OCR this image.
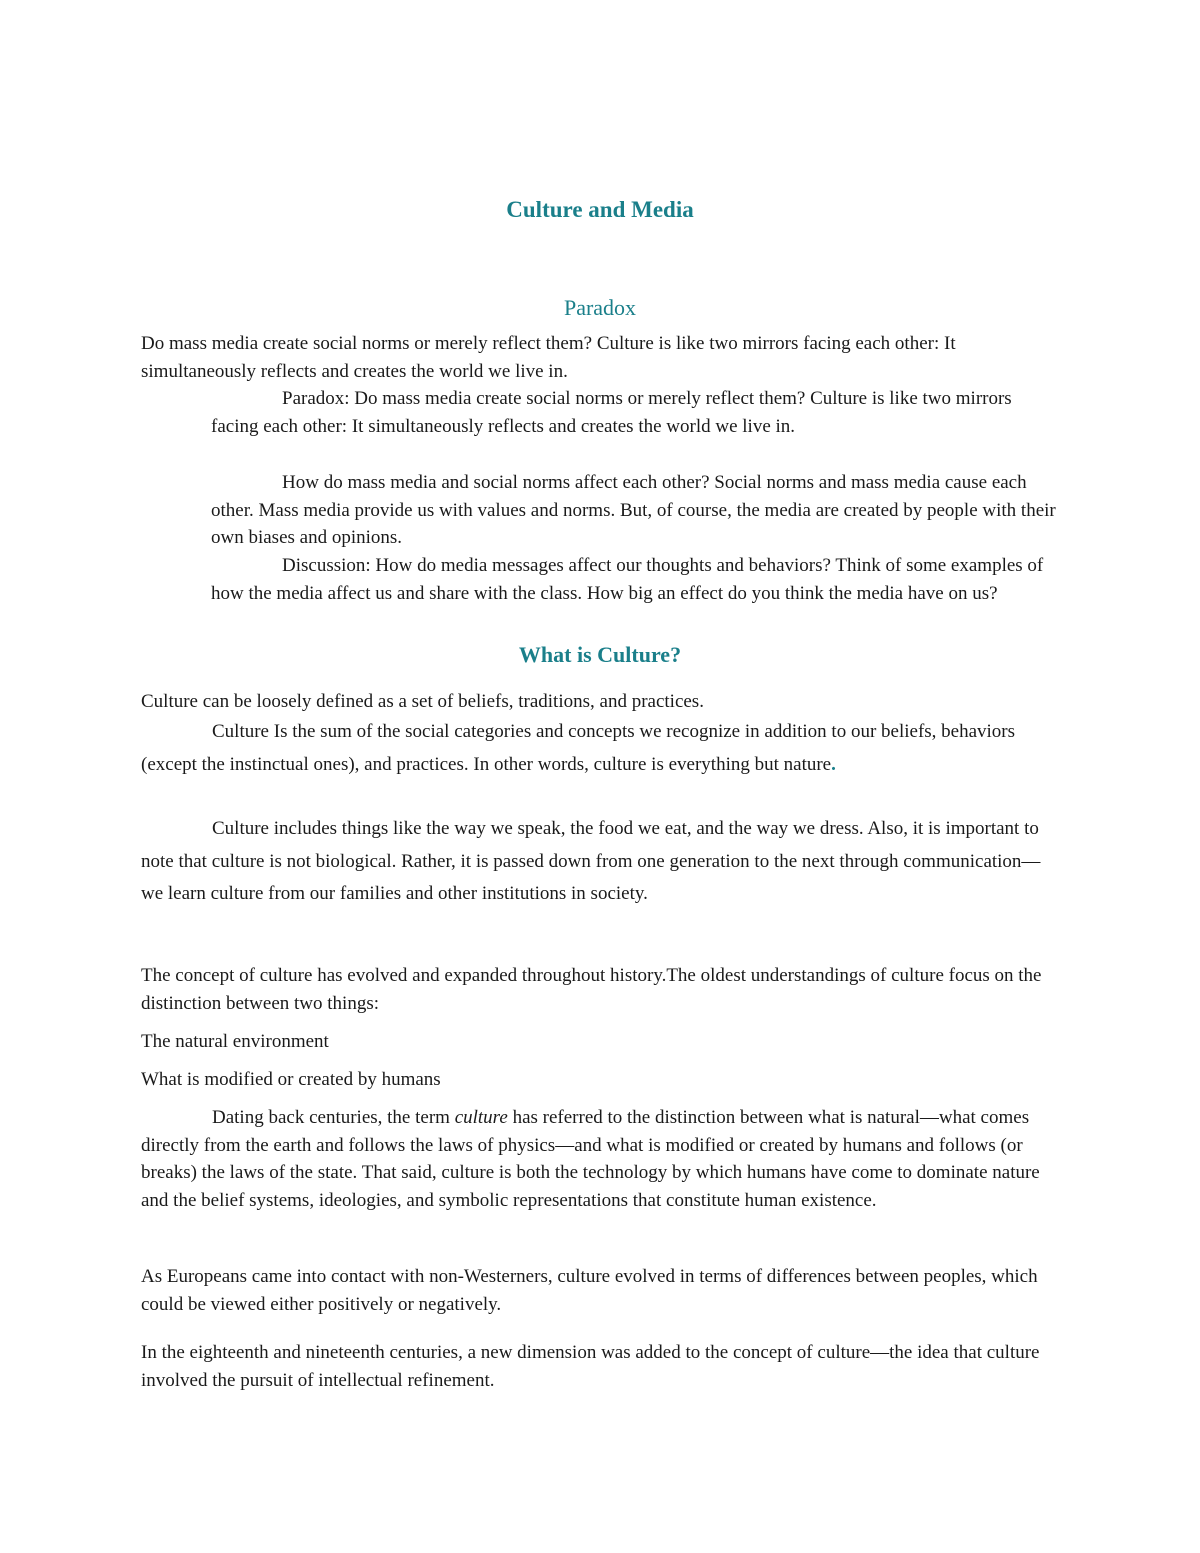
Culture and Media
Paradox

Do mass media create social norms or merely reflect them? Culture is like two mirrors facing each other: It simultaneously reflects and creates the world we live in.

Paradox: Do mass media create social norms or merely reflect them? Culture is like two mirrors facing each other: It simultaneously reflects and creates the world we live in.

How do mass media and social norms affect each other? Social norms and mass media cause each other. Mass media provide us with values and norms. But, of course, the media are created by people with their own biases and opinions.

Discussion: How do media messages affect our thoughts and behaviors? Think of some examples of how the media affect us and share with the class. How big an effect do you think the media have on us?

What is Culture?

Culture can be loosely defined as a set of beliefs, traditions, and practices.

Culture Is the sum of the social categories and concepts we recognize in addition to our beliefs, behaviors (except the instinctual ones), and practices. In other words, culture is everything but nature.

Culture includes things like the way we speak, the food we eat, and the way we dress. Also, it is important to note that culture is not biological. Rather, it is passed down from one generation to the next through communication—we learn culture from our families and other institutions in society.

The concept of culture has evolved and expanded throughout history.The oldest understandings of culture focus on the distinction between two things:

The natural environment

What is modified or created by humans

Dating back centuries, the term culture has referred to the distinction between what is natural—what comes directly from the earth and follows the laws of physics—and what is modified or created by humans and follows (or breaks) the laws of the state. That said, culture is both the technology by which humans have come to dominate nature and the belief systems, ideologies, and symbolic representations that constitute human existence.

As Europeans came into contact with non-Westerners, culture evolved in terms of differences between peoples, which could be viewed either positively or negatively.

In the eighteenth and nineteenth centuries, a new dimension was added to the concept of culture—the idea that culture involved the pursuit of intellectual refinement.
